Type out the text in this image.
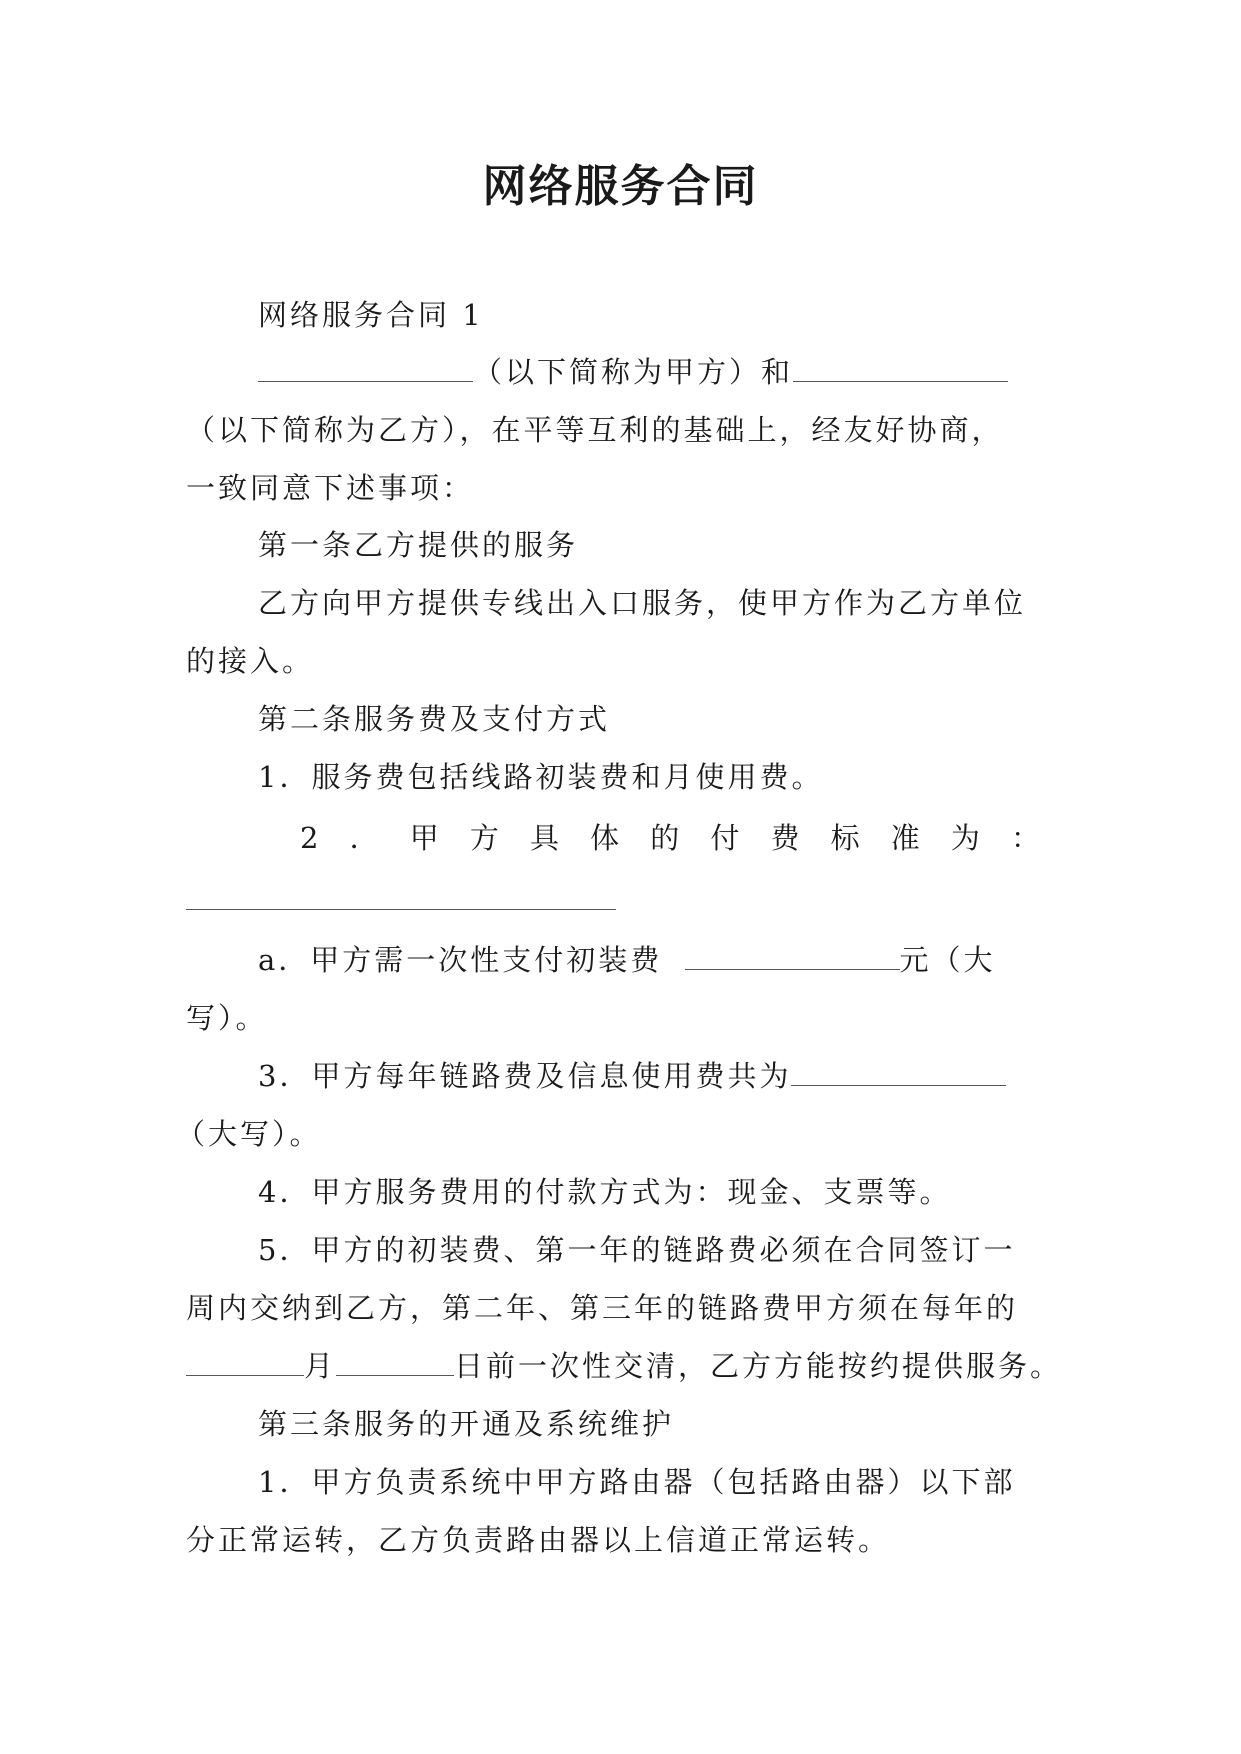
网络服务合同
网络服务合同 1
（以下简称为甲方）和
（以下简称为乙方），在平等互利的基础上，经友好协商，
一致同意下述事项：
第一条乙方提供的服务
乙方向甲方提供专线出入口服务，使甲方作为乙方单位
的接入。
第二条服务费及支付方式
1．服务费包括线路初装费和月使用费。
2 ． 甲 方 具 体 的 付 费 标 准 为 ：
a．甲方需一次性支付初装费	元（大
写）。
3．甲方每年链路费及信息使用费共为
（大写）。
4．甲方服务费用的付款方式为：现金、支票等。
5．甲方的初装费、第一年的链路费必须在合同签订一
周内交纳到乙方，第二年、第三年的链路费甲方须在每年的
月	日前一次性交清，乙方方能按约提供服务。
第三条服务的开通及系统维护
1．甲方负责系统中甲方路由器（包括路由器）以下部
分正常运转，乙方负责路由器以上信道正常运转。
